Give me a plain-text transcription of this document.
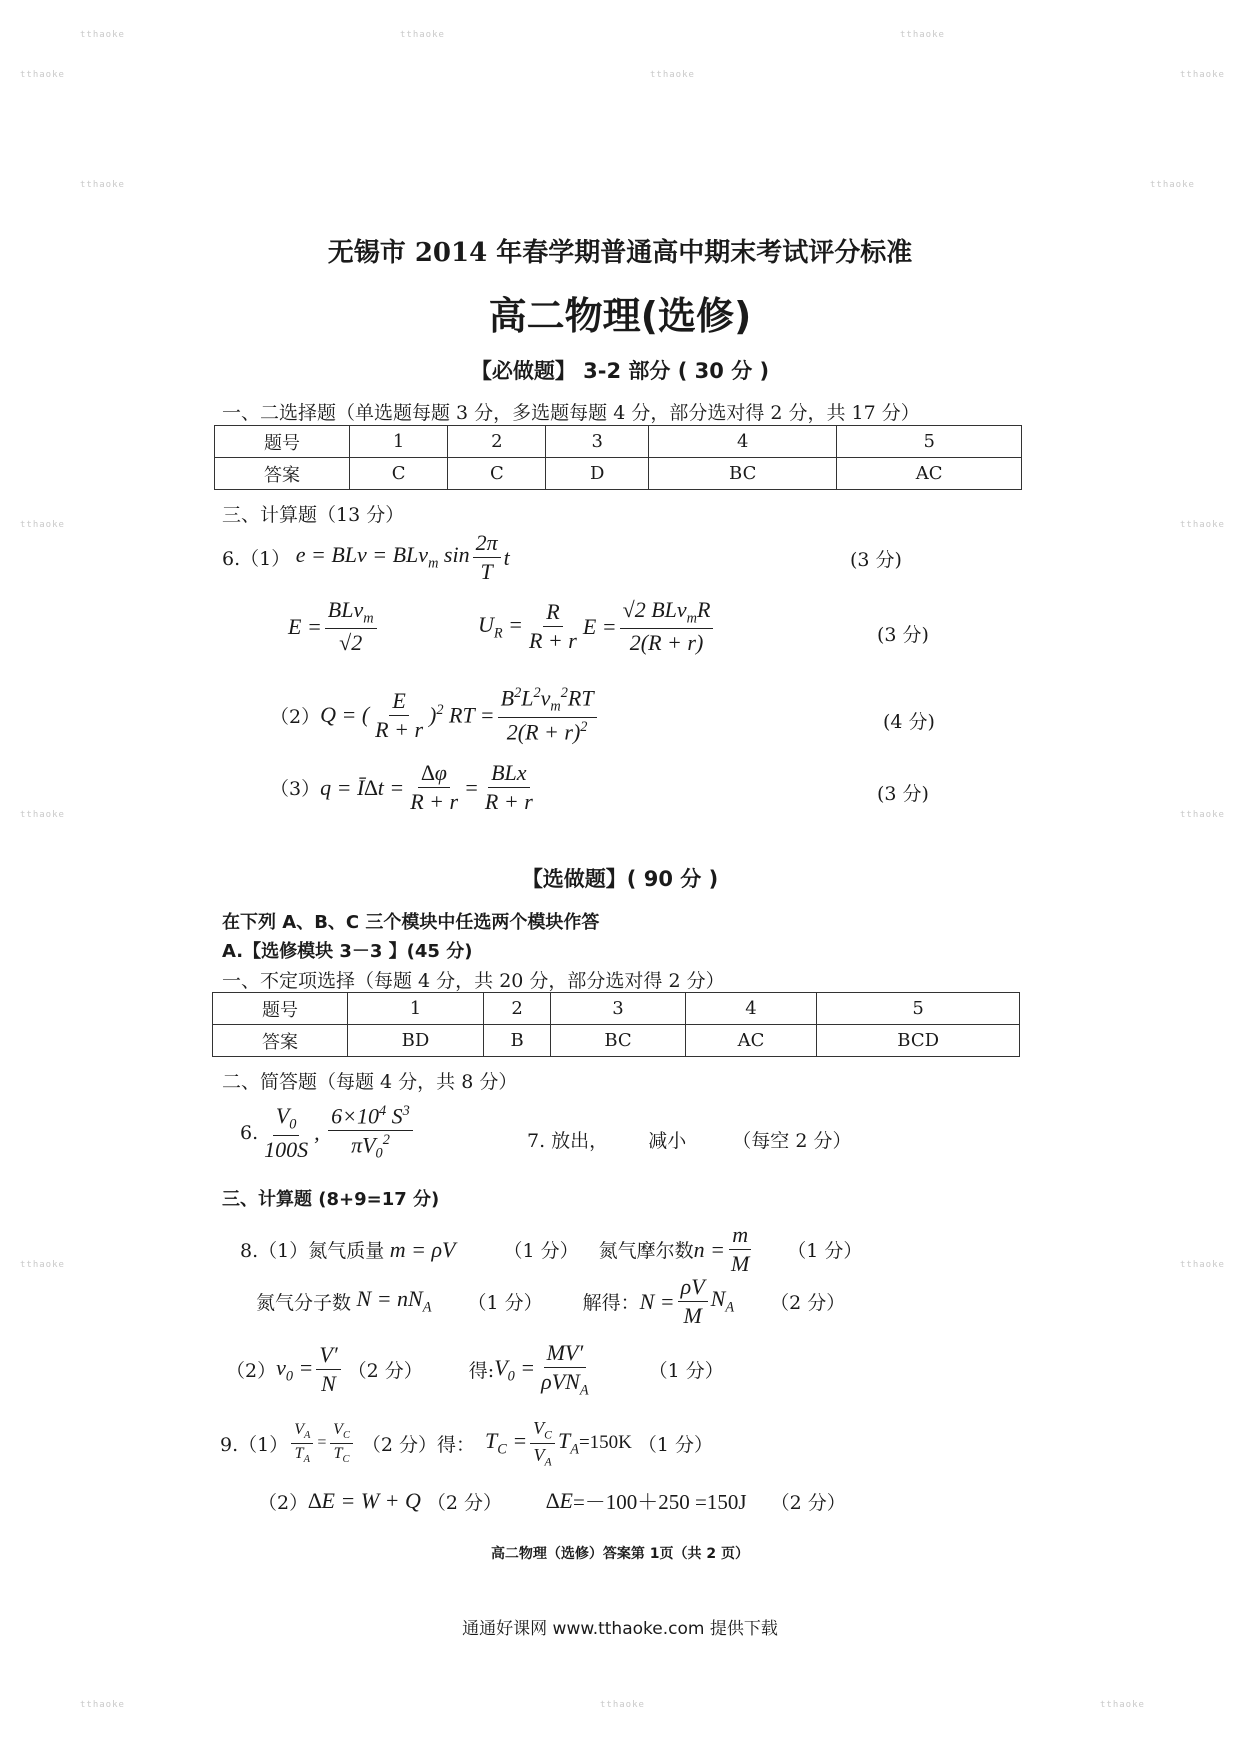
tthaoke
tthaoke
tthaoke
tthaoke
tthaoke
tthaoke
tthaoke	tthaoke
tthaoke	tthaoke
tthaoke	tthaoke
tthaoke	tthaoke
tthaoke	tthaoke	tthaoke
无锡市 2014 年春学期普通高中期末考试评分标准
高二物理(选修)
【必做题】 3-2 部分 ( 30 分 )
一、二选择题（单选题每题 3 分，多选题每题 4 分，部分选对得 2 分，共 17 分）
题号	1	2	3	4	5
答案	C	C	D	BC	AC
三、计算题（13 分）
6.（1） e = BLv = BLv$_m$ $\sin \frac{2\pi}{T}$ t	(3 分)
$E = \frac{BLv_m}{√2}$	$U_R = \frac{R}{R + r}$ $E = \frac{√2 BLv_mR}{2(R + r)}$	(3 分)
（2） Q = ( $\frac{E}{R + r} )^2$ RT = $\frac{B^2L^2v_m^2RT}{2(R + r)^2}$	(4 分)
（3） q = Ī∆t = $\frac{\Delta\varphi}{R + r} = \frac{\text{BLx}}{R + r}$	(3 分)
【选做题】( 90 分 )
在下列 A、B、C 三个模块中任选两个模块作答
A.【选修模块 3－3 】(45 分)
一、不定项选择（每题 4 分，共 20 分，部分选对得 2 分）
题号	1	2	3	4	5
答案	BD	B	BC	AC	BCD
二、简答题（每题 4 分，共 8 分）
6. $\frac{V_0}{100S}$ , $\frac{6\times 10^4 S^3}{\pi V_0^2}$	7. 放出， 减小 （每空 2 分）
三、计算题 (8+9=17 分)
8.（1）氮气质量 m = ρV	（1 分） 氮气摩尔数 $n = \frac{m}{M} (1$ 分）
氮气分子数 $N = nN_A$ （1 分） 解得： $N = \frac{\rho V}{M} N_A$ （2 分）
（2） $v_0 = \frac{V'}{N} (2$ 分） 得: $V_0 = \frac{MV'}{\rho VN_A}$	（1 分）
$9.(1) \frac{V_A}{T_A} = \frac{V_C}{T_C} (2$ 分）得： $T_C = \frac{V_C}{V_A} T_A =150K$ （1 分）
（2） ∆E = W + Q （2 分） ∆E =－100＋250 =150J （2 分）
高二物理（选修）答案第 1页（共 2 页）
通通好课网 www.tthaoke.com 提供下载
